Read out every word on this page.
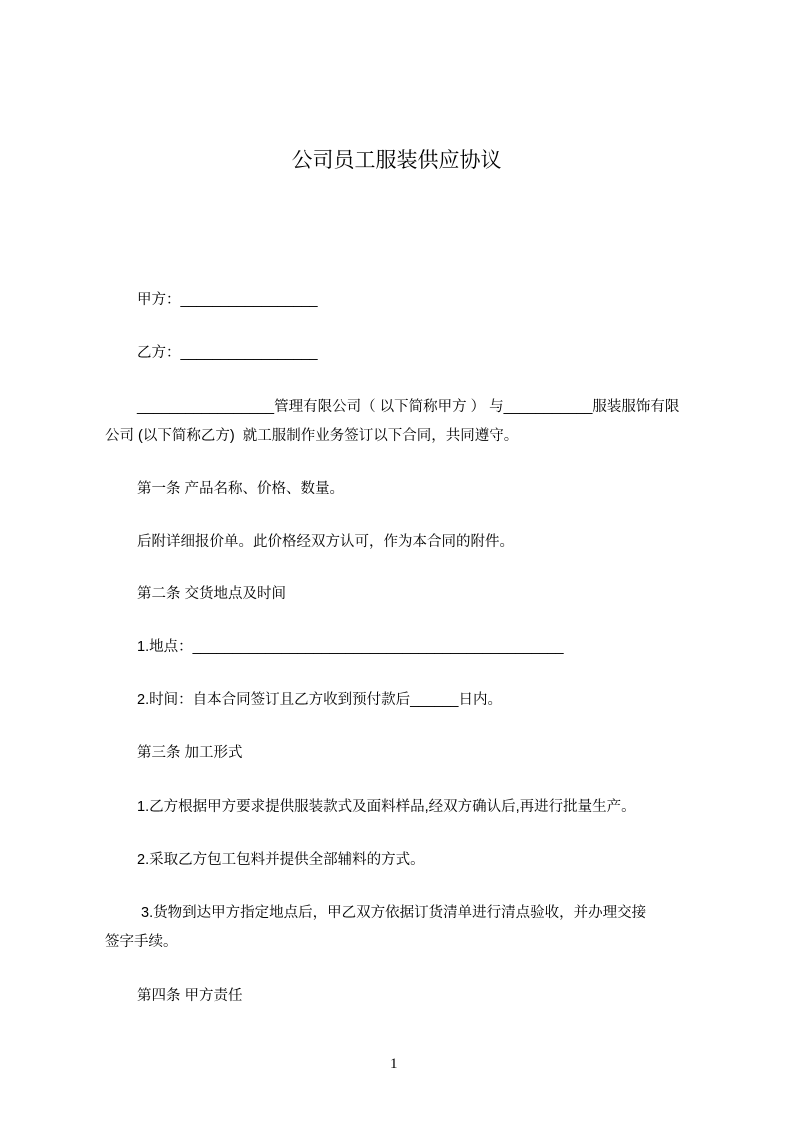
公司员工服装供应协议
甲方：_________________
乙方：_________________
_________________管理有限公司（ 以下简称甲方 ） 与___________服装服饰有限
公司 (以下简称乙方)  就工服制作业务签订以下合同，共同遵守。
第一条 产品名称、价格、数量。
后附详细报价单。此价格经双方认可，作为本合同的附件。
第二条 交货地点及时间
1.地点：______________________________________________
2.时间：自本合同签订且乙方收到预付款后______日内。
第三条 加工形式
1.乙方根据甲方要求提供服装款式及面料样品,经双方确认后,再进行批量生产。
2.采取乙方包工包料并提供全部辅料的方式。
3.货物到达甲方指定地点后，甲乙双方依据订货清单进行清点验收，并办理交接
签字手续。
第四条 甲方责任
1
